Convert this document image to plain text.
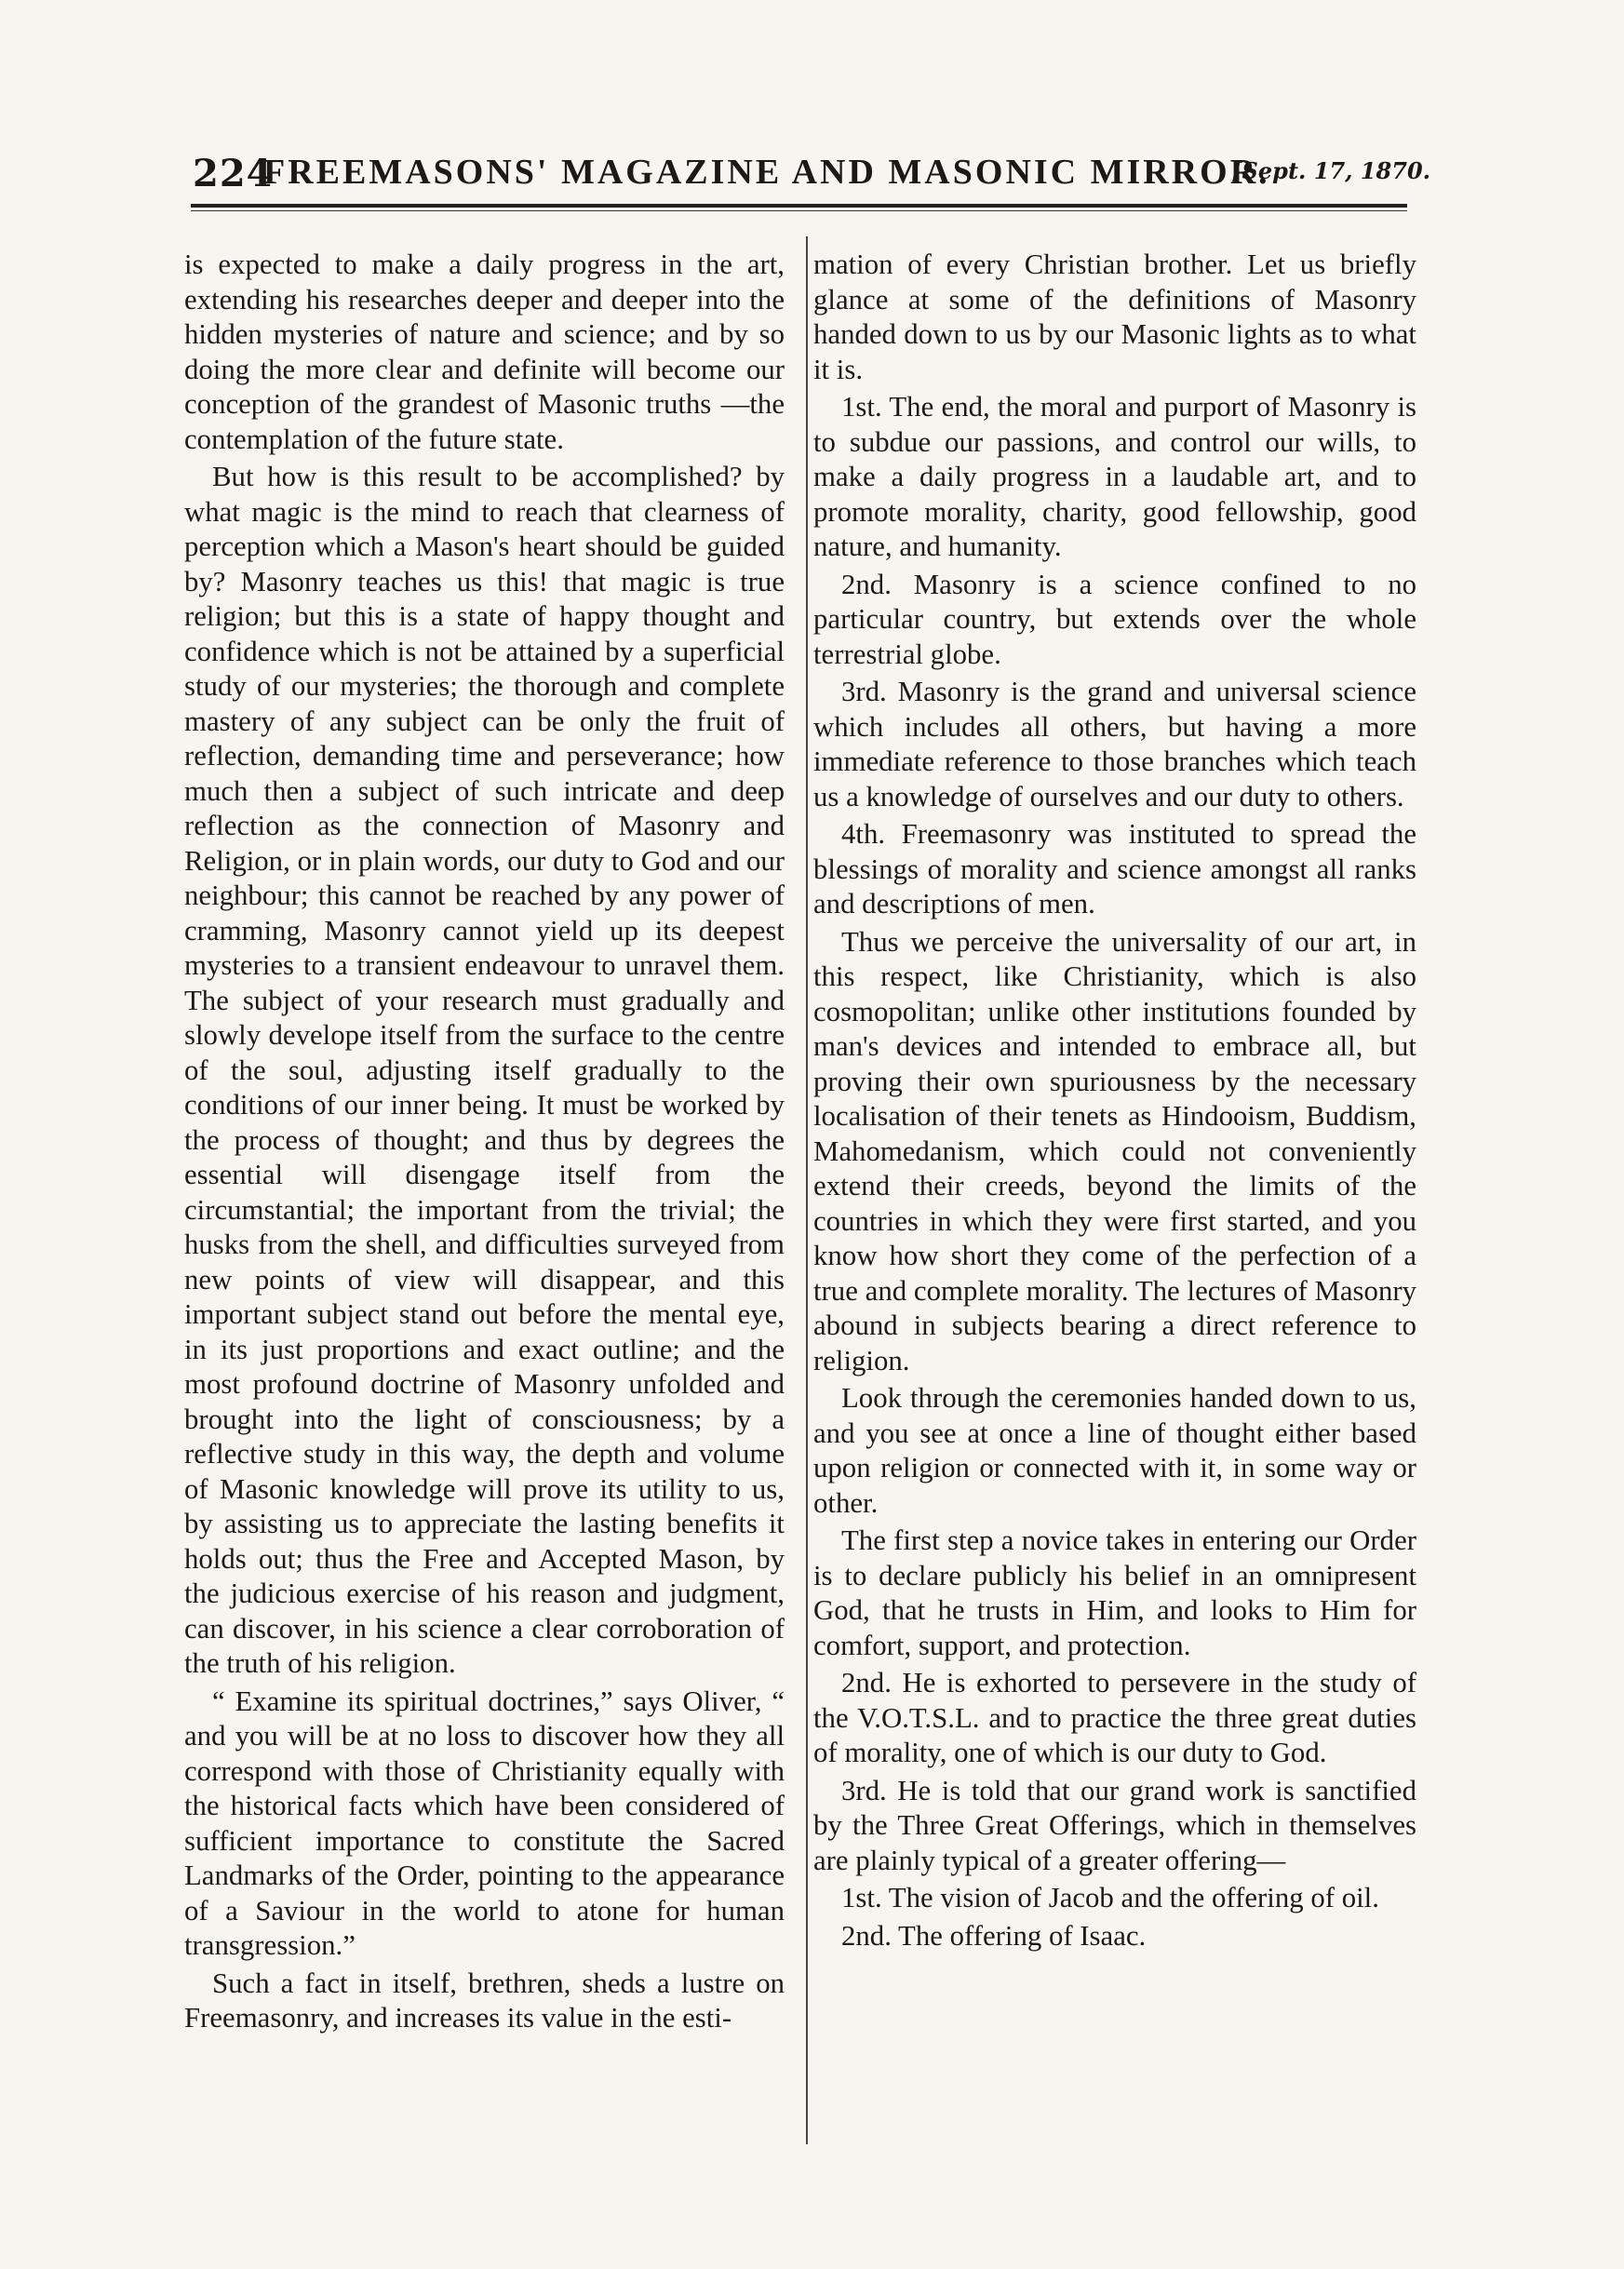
224
FREEMASONS' MAGAZINE AND MASONIC MIRROR.
[Sept. 17, 1870.

is expected to make a daily progress in the art, extending his researches deeper and deeper into the hidden mysteries of nature and science; and by so doing the more clear and definite will become our conception of the grandest of Masonic truths —the contemplation of the future state.

But how is this result to be accomplished? by what magic is the mind to reach that clearness of perception which a Mason's heart should be guided by? Masonry teaches us this! that magic is true religion; but this is a state of happy thought and confidence which is not be attained by a superficial study of our mysteries; the thorough and complete mastery of any subject can be only the fruit of reflection, demanding time and perseverance; how much then a subject of such intricate and deep reflection as the connection of Masonry and Religion, or in plain words, our duty to God and our neighbour; this cannot be reached by any power of cramming, Masonry cannot yield up its deepest mysteries to a transient endeavour to unravel them. The subject of your research must gradually and slowly develope itself from the surface to the centre of the soul, adjusting itself gradually to the conditions of our inner being. It must be worked by the process of thought; and thus by degrees the essential will disengage itself from the circumstantial; the important from the trivial; the husks from the shell, and difficulties surveyed from new points of view will disappear, and this important subject stand out before the mental eye, in its just proportions and exact outline; and the most profound doctrine of Masonry unfolded and brought into the light of consciousness; by a reflective study in this way, the depth and volume of Masonic knowledge will prove its utility to us, by assisting us to appreciate the lasting benefits it holds out; thus the Free and Accepted Mason, by the judicious exercise of his reason and judgment, can discover, in his science a clear corroboration of the truth of his religion.

“ Examine its spiritual doctrines,” says Oliver, “ and you will be at no loss to discover how they all correspond with those of Christianity equally with the historical facts which have been considered of sufficient importance to constitute the Sacred Landmarks of the Order, pointing to the appearance of a Saviour in the world to atone for human transgression.”

Such a fact in itself, brethren, sheds a lustre on Freemasonry, and increases its value in the esti-

mation of every Christian brother. Let us briefly glance at some of the definitions of Masonry handed down to us by our Masonic lights as to what it is.

1st. The end, the moral and purport of Masonry is to subdue our passions, and control our wills, to make a daily progress in a laudable art, and to promote morality, charity, good fellowship, good nature, and humanity.

2nd. Masonry is a science confined to no particular country, but extends over the whole terrestrial globe.

3rd. Masonry is the grand and universal science which includes all others, but having a more immediate reference to those branches which teach us a knowledge of ourselves and our duty to others.

4th. Freemasonry was instituted to spread the blessings of morality and science amongst all ranks and descriptions of men.

Thus we perceive the universality of our art, in this respect, like Christianity, which is also cosmopolitan; unlike other institutions founded by man's devices and intended to embrace all, but proving their own spuriousness by the necessary localisation of their tenets as Hindooism, Buddism, Mahomedanism, which could not conveniently extend their creeds, beyond the limits of the countries in which they were first started, and you know how short they come of the perfection of a true and complete morality. The lectures of Masonry abound in subjects bearing a direct reference to religion.

Look through the ceremonies handed down to us, and you see at once a line of thought either based upon religion or connected with it, in some way or other.

The first step a novice takes in entering our Order is to declare publicly his belief in an omnipresent God, that he trusts in Him, and looks to Him for comfort, support, and protection.

2nd. He is exhorted to persevere in the study of the V.O.T.S.L. and to practice the three great duties of morality, one of which is our duty to God.

3rd. He is told that our grand work is sanctified by the Three Great Offerings, which in themselves are plainly typical of a greater offering—

1st. The vision of Jacob and the offering of oil.

2nd. The offering of Isaac.
